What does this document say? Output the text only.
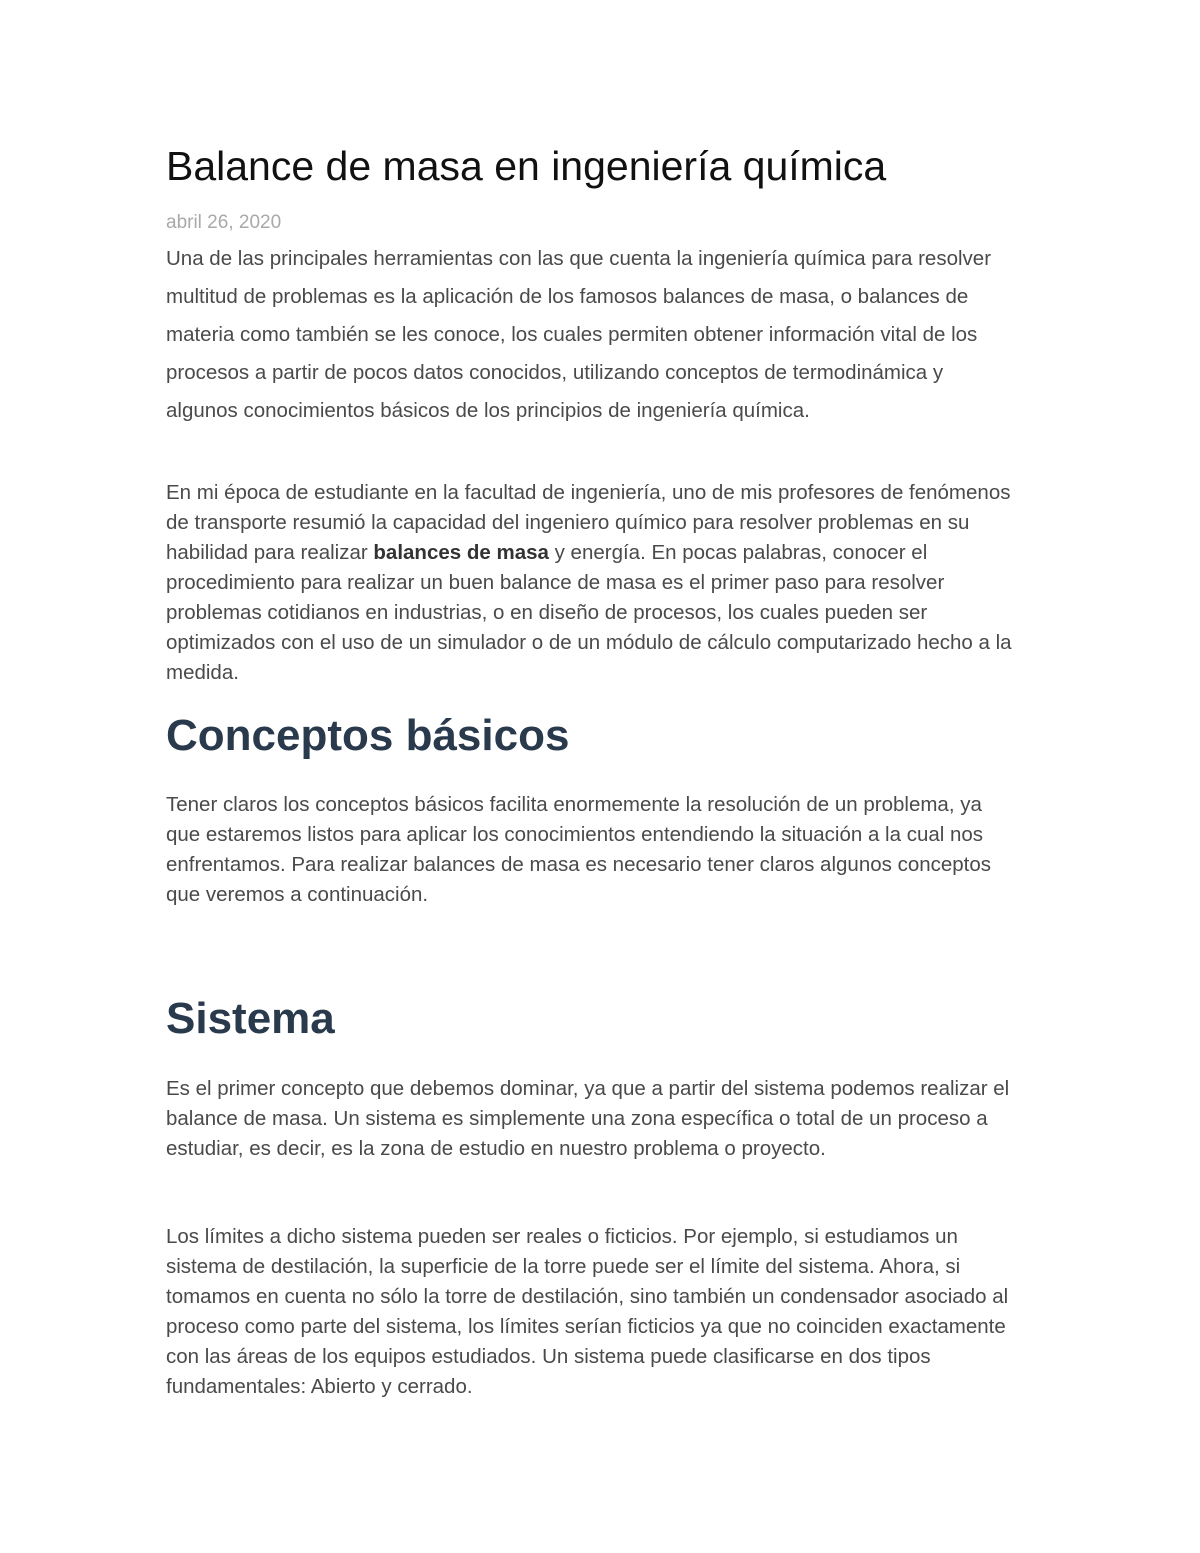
Balance de masa en ingeniería química
abril 26, 2020

Una de las principales herramientas con las que cuenta la ingeniería química para resolver multitud de problemas es la aplicación de los famosos balances de masa, o balances de materia como también se les conoce, los cuales permiten obtener información vital de los procesos a partir de pocos datos conocidos, utilizando conceptos de termodinámica y algunos conocimientos básicos de los principios de ingeniería química.

En mi época de estudiante en la facultad de ingeniería, uno de mis profesores de fenómenos de transporte resumió la capacidad del ingeniero químico para resolver problemas en su habilidad para realizar balances de masa y energía. En pocas palabras, conocer el procedimiento para realizar un buen balance de masa es el primer paso para resolver problemas cotidianos en industrias, o en diseño de procesos, los cuales pueden ser optimizados con el uso de un simulador o de un módulo de cálculo computarizado hecho a la medida.

Conceptos básicos

Tener claros los conceptos básicos facilita enormemente la resolución de un problema, ya que estaremos listos para aplicar los conocimientos entendiendo la situación a la cual nos enfrentamos. Para realizar balances de masa es necesario tener claros algunos conceptos que veremos a continuación.

Sistema

Es el primer concepto que debemos dominar, ya que a partir del sistema podemos realizar el balance de masa. Un sistema es simplemente una zona específica o total de un proceso a estudiar, es decir, es la zona de estudio en nuestro problema o proyecto.

Los límites a dicho sistema pueden ser reales o ficticios. Por ejemplo, si estudiamos un sistema de destilación, la superficie de la torre puede ser el límite del sistema. Ahora, si tomamos en cuenta no sólo la torre de destilación, sino también un condensador asociado al proceso como parte del sistema, los límites serían ficticios ya que no coinciden exactamente con las áreas de los equipos estudiados. Un sistema puede clasificarse en dos tipos fundamentales: Abierto y cerrado.
